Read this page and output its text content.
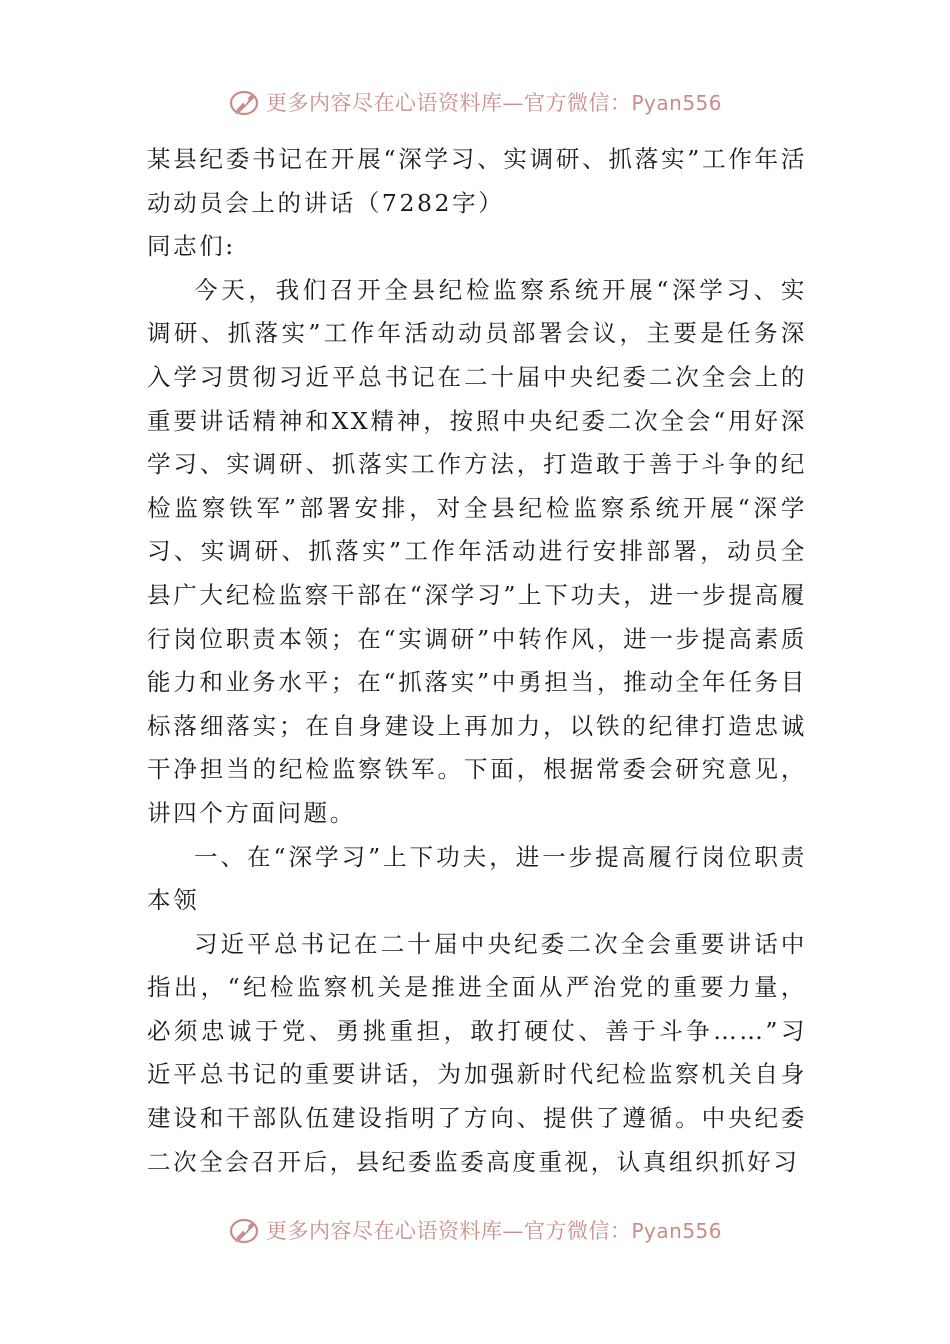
更多内容尽在心语资料库—官方微信：Pyan556

某县纪委书记在开展“深学习、实调研、抓落实”工作年活动动员会上的讲话（7282字）

同志们:

今天，我们召开全县纪检监察系统开展“深学习、实调研、抓落实”工作年活动动员部署会议，主要是任务深入学习贯彻习近平总书记在二十届中央纪委二次全会上的重要讲话精神和XX精神，按照中央纪委二次全会“用好深学习、实调研、抓落实工作方法，打造敢于善于斗争的纪检监察铁军”部署安排，对全县纪检监察系统开展“深学习、实调研、抓落实”工作年活动进行安排部署，动员全县广大纪检监察干部在“深学习”上下功夫，进一步提高履行岗位职责本领；在“实调研”中转作风，进一步提高素质能力和业务水平；在“抓落实”中勇担当，推动全年任务目标落细落实；在自身建设上再加力，以铁的纪律打造忠诚干净担当的纪检监察铁军。下面，根据常委会研究意见，讲四个方面问题。

一、在“深学习”上下功夫，进一步提高履行岗位职责本领

习近平总书记在二十届中央纪委二次全会重要讲话中指出，“纪检监察机关是推进全面从严治党的重要力量，必须忠诚于党、勇挑重担，敢打硬仗、善于斗争……”习近平总书记的重要讲话，为加强新时代纪检监察机关自身建设和干部队伍建设指明了方向、提供了遵循。中央纪委二次全会召开后，县纪委监委高度重视，认真组织抓好习

更多内容尽在心语资料库—官方微信：Pyan556
